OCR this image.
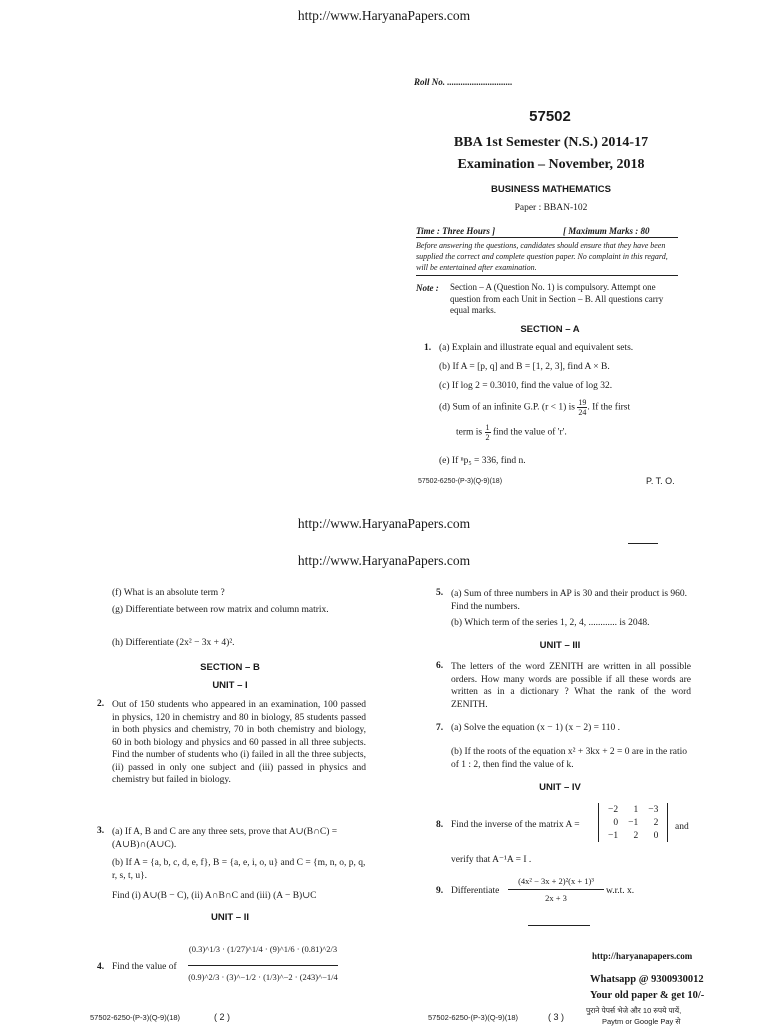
http://www.HaryanaPapers.com
Roll No. .............................
57502
BBA 1st Semester (N.S.) 2014-17
Examination – November, 2018
BUSINESS MATHEMATICS
Paper : BBAN-102
Time : Three Hours ]	[ Maximum Marks : 80
Before answering the questions, candidates should ensure that they have been supplied the correct and complete question paper. No complaint in this regard, will be entertained after examination.
Note : Section – A (Question No. 1) is compulsory. Attempt one question from each Unit in Section – B. All questions carry equal marks.
SECTION – A
1. (a) Explain and illustrate equal and equivalent sets.
(b) If A = [p, q] and B = [1, 2, 3], find A × B.
(c) If log 2 = 0.3010, find the value of log 32.
(d) Sum of an infinite G.P. (r < 1) is $\frac{19}{24}$ . If the first
term is $\frac{1}{2}$ find the value of 'r'.
(e) If ⁿp₅ = 336, find n.
57502-6250-(P-3)(Q-9)(18)	P. T. O.
http://www.HaryanaPapers.com
http://www.HaryanaPapers.com
(f) What is an absolute term ?
(g) Differentiate between row matrix and column matrix.
(h) Differentiate (2x² − 3x + 4)².
SECTION – B
UNIT – I
2. Out of 150 students who appeared in an examination, 100 passed in physics, 120 in chemistry and 80 in biology, 85 students passed in both physics and chemistry, 70 in both chemistry and biology, 60 in both biology and physics and 60 passed in all three subjects. Find the number of students who (i) failed in all the three subjects, (ii) passed in only one subject and (iii) passed in physics and chemistry but failed in biology.
3. (a) If A, B and C are any three sets, prove that A∪(B∩C) = (A∪B)∩(A∪C).
(b) If A = {a, b, c, d, e, f}, B = {a, e, i, o, u} and C = {m, n, o, p, q, r, s, t, u}.
Find (i) A∪(B − C), (ii) A∩B∩C and (iii) (A − B)∪C
UNIT – II
4. Find the value of
(0.3)^1/3 · (1/27)^1/4 · (9)^1/6 · (0.81)^2/3
(0.9)^2/3 · (3)^−1/2 · (1/3)^−2 · (243)^−1/4
57502-6250-(P-3)(Q-9)(18)	( 2 )
5. (a) Sum of three numbers in AP is 30 and their product is 960. Find the numbers.
(b) Which term of the series 1, 2, 4, ............ is 2048.
UNIT – III
6. The letters of the word ZENITH are written in all possible orders. How many words are possible if all these words are written as in a dictionary ? What the rank of the word ZENITH.
7. (a) Solve the equation (x − 1) (x − 2) = 110 .
(b) If the roots of the equation x² + 3kx + 2 = 0 are in the ratio of 1 : 2, then find the value of k.
UNIT – IV
8. Find the inverse of the matrix A =
−2	1	−3
0	−1	2
−1	2	0
and
verify that A⁻¹A = I .
9. Differentiate
(4x² − 3x + 2)²(x + 1)³
2x + 3
w.r.t. x.
http://haryanapapers.com
Whatsapp @ 9300930012
Your old paper & get 10/-
पुराने पेपर्स भेजे और 10 रुपये पायें,
Paytm or Google Pay से
57502-6250-(P-3)(Q-9)(18)	( 3 )
